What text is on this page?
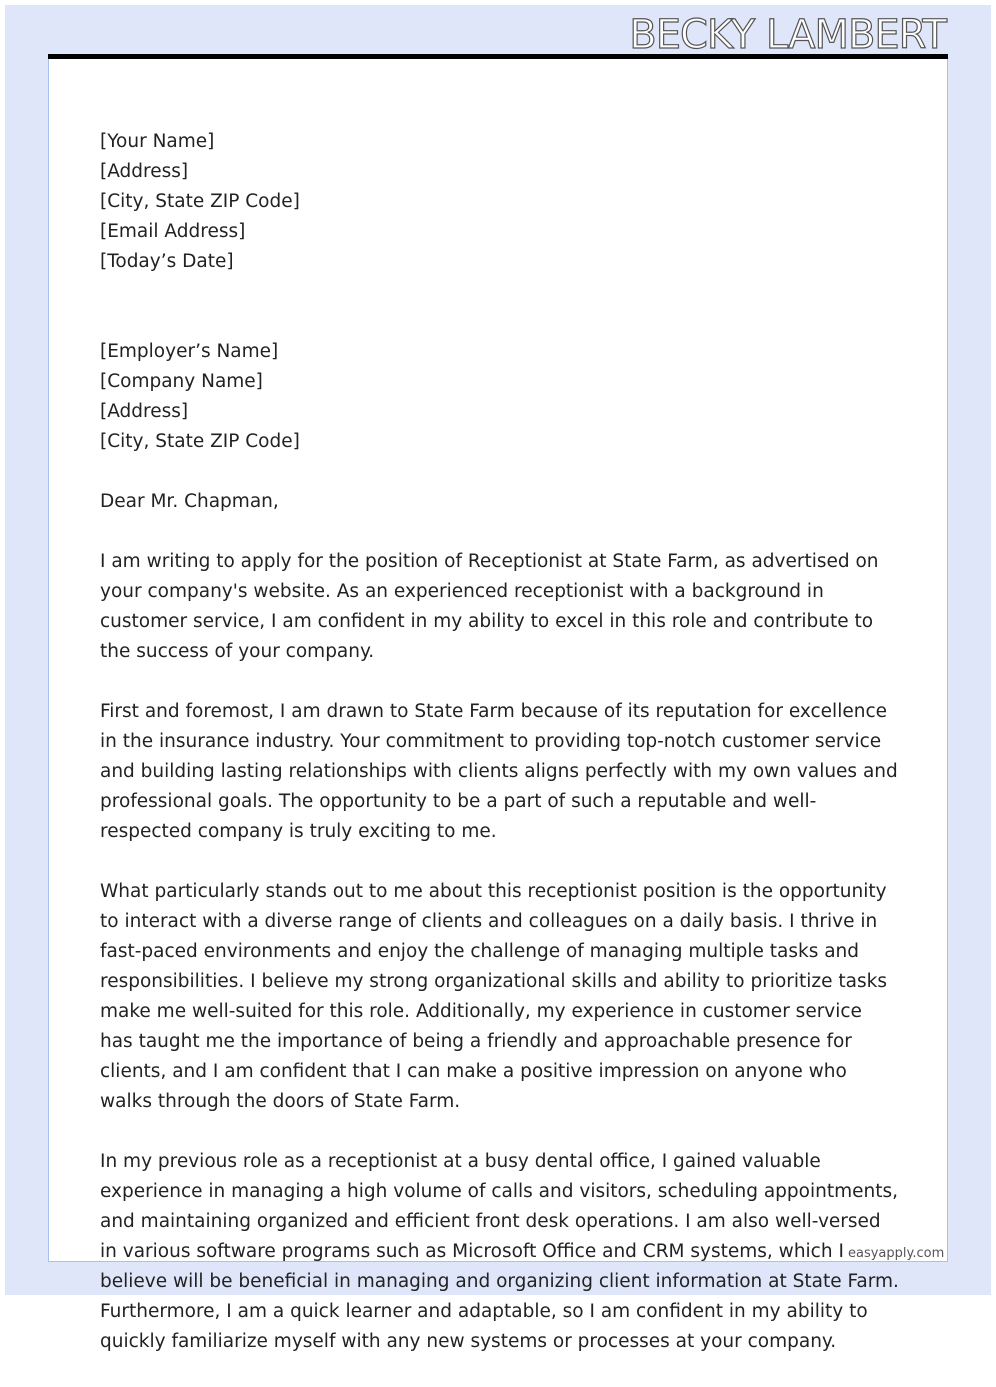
BECKY LAMBERT

[Your Name]
[Address]
[City, State ZIP Code]
[Email Address]
[Today’s Date]

[Employer’s Name]
[Company Name]
[Address]
[City, State ZIP Code]

Dear Mr. Chapman,

I am writing to apply for the position of Receptionist at State Farm, as advertised on your company's website. As an experienced receptionist with a background in customer service, I am confident in my ability to excel in this role and contribute to the success of your company.

First and foremost, I am drawn to State Farm because of its reputation for excellence in the insurance industry. Your commitment to providing top-notch customer service and building lasting relationships with clients aligns perfectly with my own values and professional goals. The opportunity to be a part of such a reputable and well-respected company is truly exciting to me.

What particularly stands out to me about this receptionist position is the opportunity to interact with a diverse range of clients and colleagues on a daily basis. I thrive in fast-paced environments and enjoy the challenge of managing multiple tasks and responsibilities. I believe my strong organizational skills and ability to prioritize tasks make me well-suited for this role. Additionally, my experience in customer service has taught me the importance of being a friendly and approachable presence for clients, and I am confident that I can make a positive impression on anyone who walks through the doors of State Farm.

In my previous role as a receptionist at a busy dental office, I gained valuable experience in managing a high volume of calls and visitors, scheduling appointments, and maintaining organized and efficient front desk operations. I am also well-versed in various software programs such as Microsoft Office and CRM systems, which I believe will be beneficial in managing and organizing client information at State Farm. Furthermore, I am a quick learner and adaptable, so I am confident in my ability to quickly familiarize myself with any new systems or processes at your company.

easyapply.com
